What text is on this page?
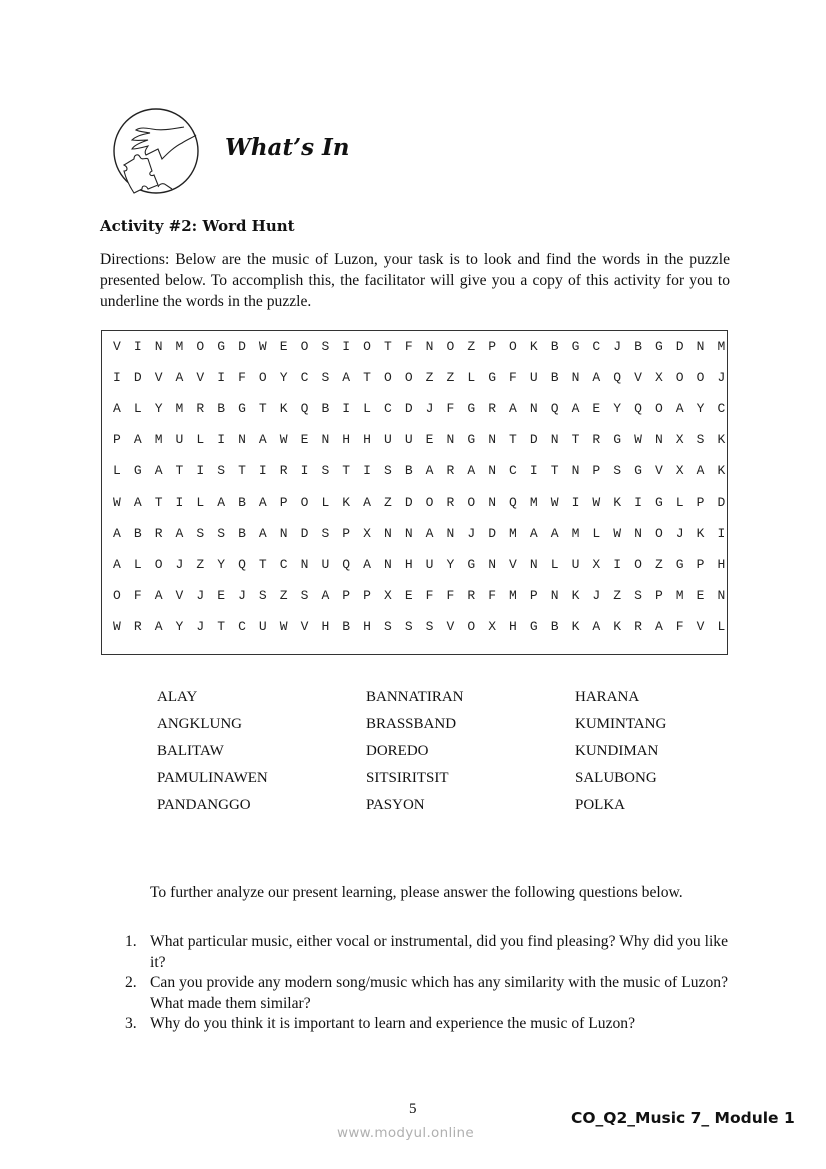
What’s In
Activity #2: Word Hunt

Directions: Below are the music of Luzon, your task is to look and find the words in the puzzle presented below. To accomplish this, the facilitator will give you a copy of this activity for you to underline the words in the puzzle.

V	I	N	M	O	G	D	W	E	O	S	I	O	T	F	N	O	Z	P	O	K	B	G	C	J	B	G	D	N	M
I	D	V	A	V	I	F	O	Y	C	S	A	T	O	O	Z	Z	L	G	F	U	B	N	A	Q	V	X	O	O	J
A	L	Y	M	R	B	G	T	K	Q	B	I	L	C	D	J	F	G	R	A	N	Q	A	E	Y	Q	O	A	Y	C
P	A	M	U	L	I	N	A	W	E	N	H	H	U	U	E	N	G	N	T	D	N	T	R	G	W	N	X	S	K
L	G	A	T	I	S	T	I	R	I	S	T	I	S	B	A	R	A	N	C	I	T	N	P	S	G	V	X	A	K
W	A	T	I	L	A	B	A	P	O	L	K	A	Z	D	O	R	O	N	Q	M	W	I	W	K	I	G	L	P	D
A	B	R	A	S	S	B	A	N	D	S	P	X	N	N	A	N	J	D	M	A	A	M	L	W	N	O	J	K	I
A	L	O	J	Z	Y	Q	T	C	N	U	Q	A	N	H	U	Y	G	N	V	N	L	U	X	I	O	Z	G	P	H
O	F	A	V	J	E	J	S	Z	S	A	P	P	X	E	F	F	R	F	M	P	N	K	J	Z	S	P	M	E	N
W	R	A	Y	J	T	C	U	W	V	H	B	H	S	S	S	V	O	X	H	G	B	K	A	K	R	A	F	V	L
ALAY
ANGKLUNG
BALITAW
PAMULINAWEN
PANDANGGO
BANNATIRAN
BRASSBAND
DOREDO
SITSIRITSIT
PASYON
HARANA
KUMINTANG
KUNDIMAN
SALUBONG
POLKA

To further analyze our present learning, please answer the following questions below.

1. What particular music, either vocal or instrumental, did you find pleasing? Why did you like it?
2. Can you provide any modern song/music which has any similarity with the music of Luzon? What made them similar?
3. Why do you think it is important to learn and experience the music of Luzon?
5	CO_Q2_Music 7_ Module 1
www.modyul.online
